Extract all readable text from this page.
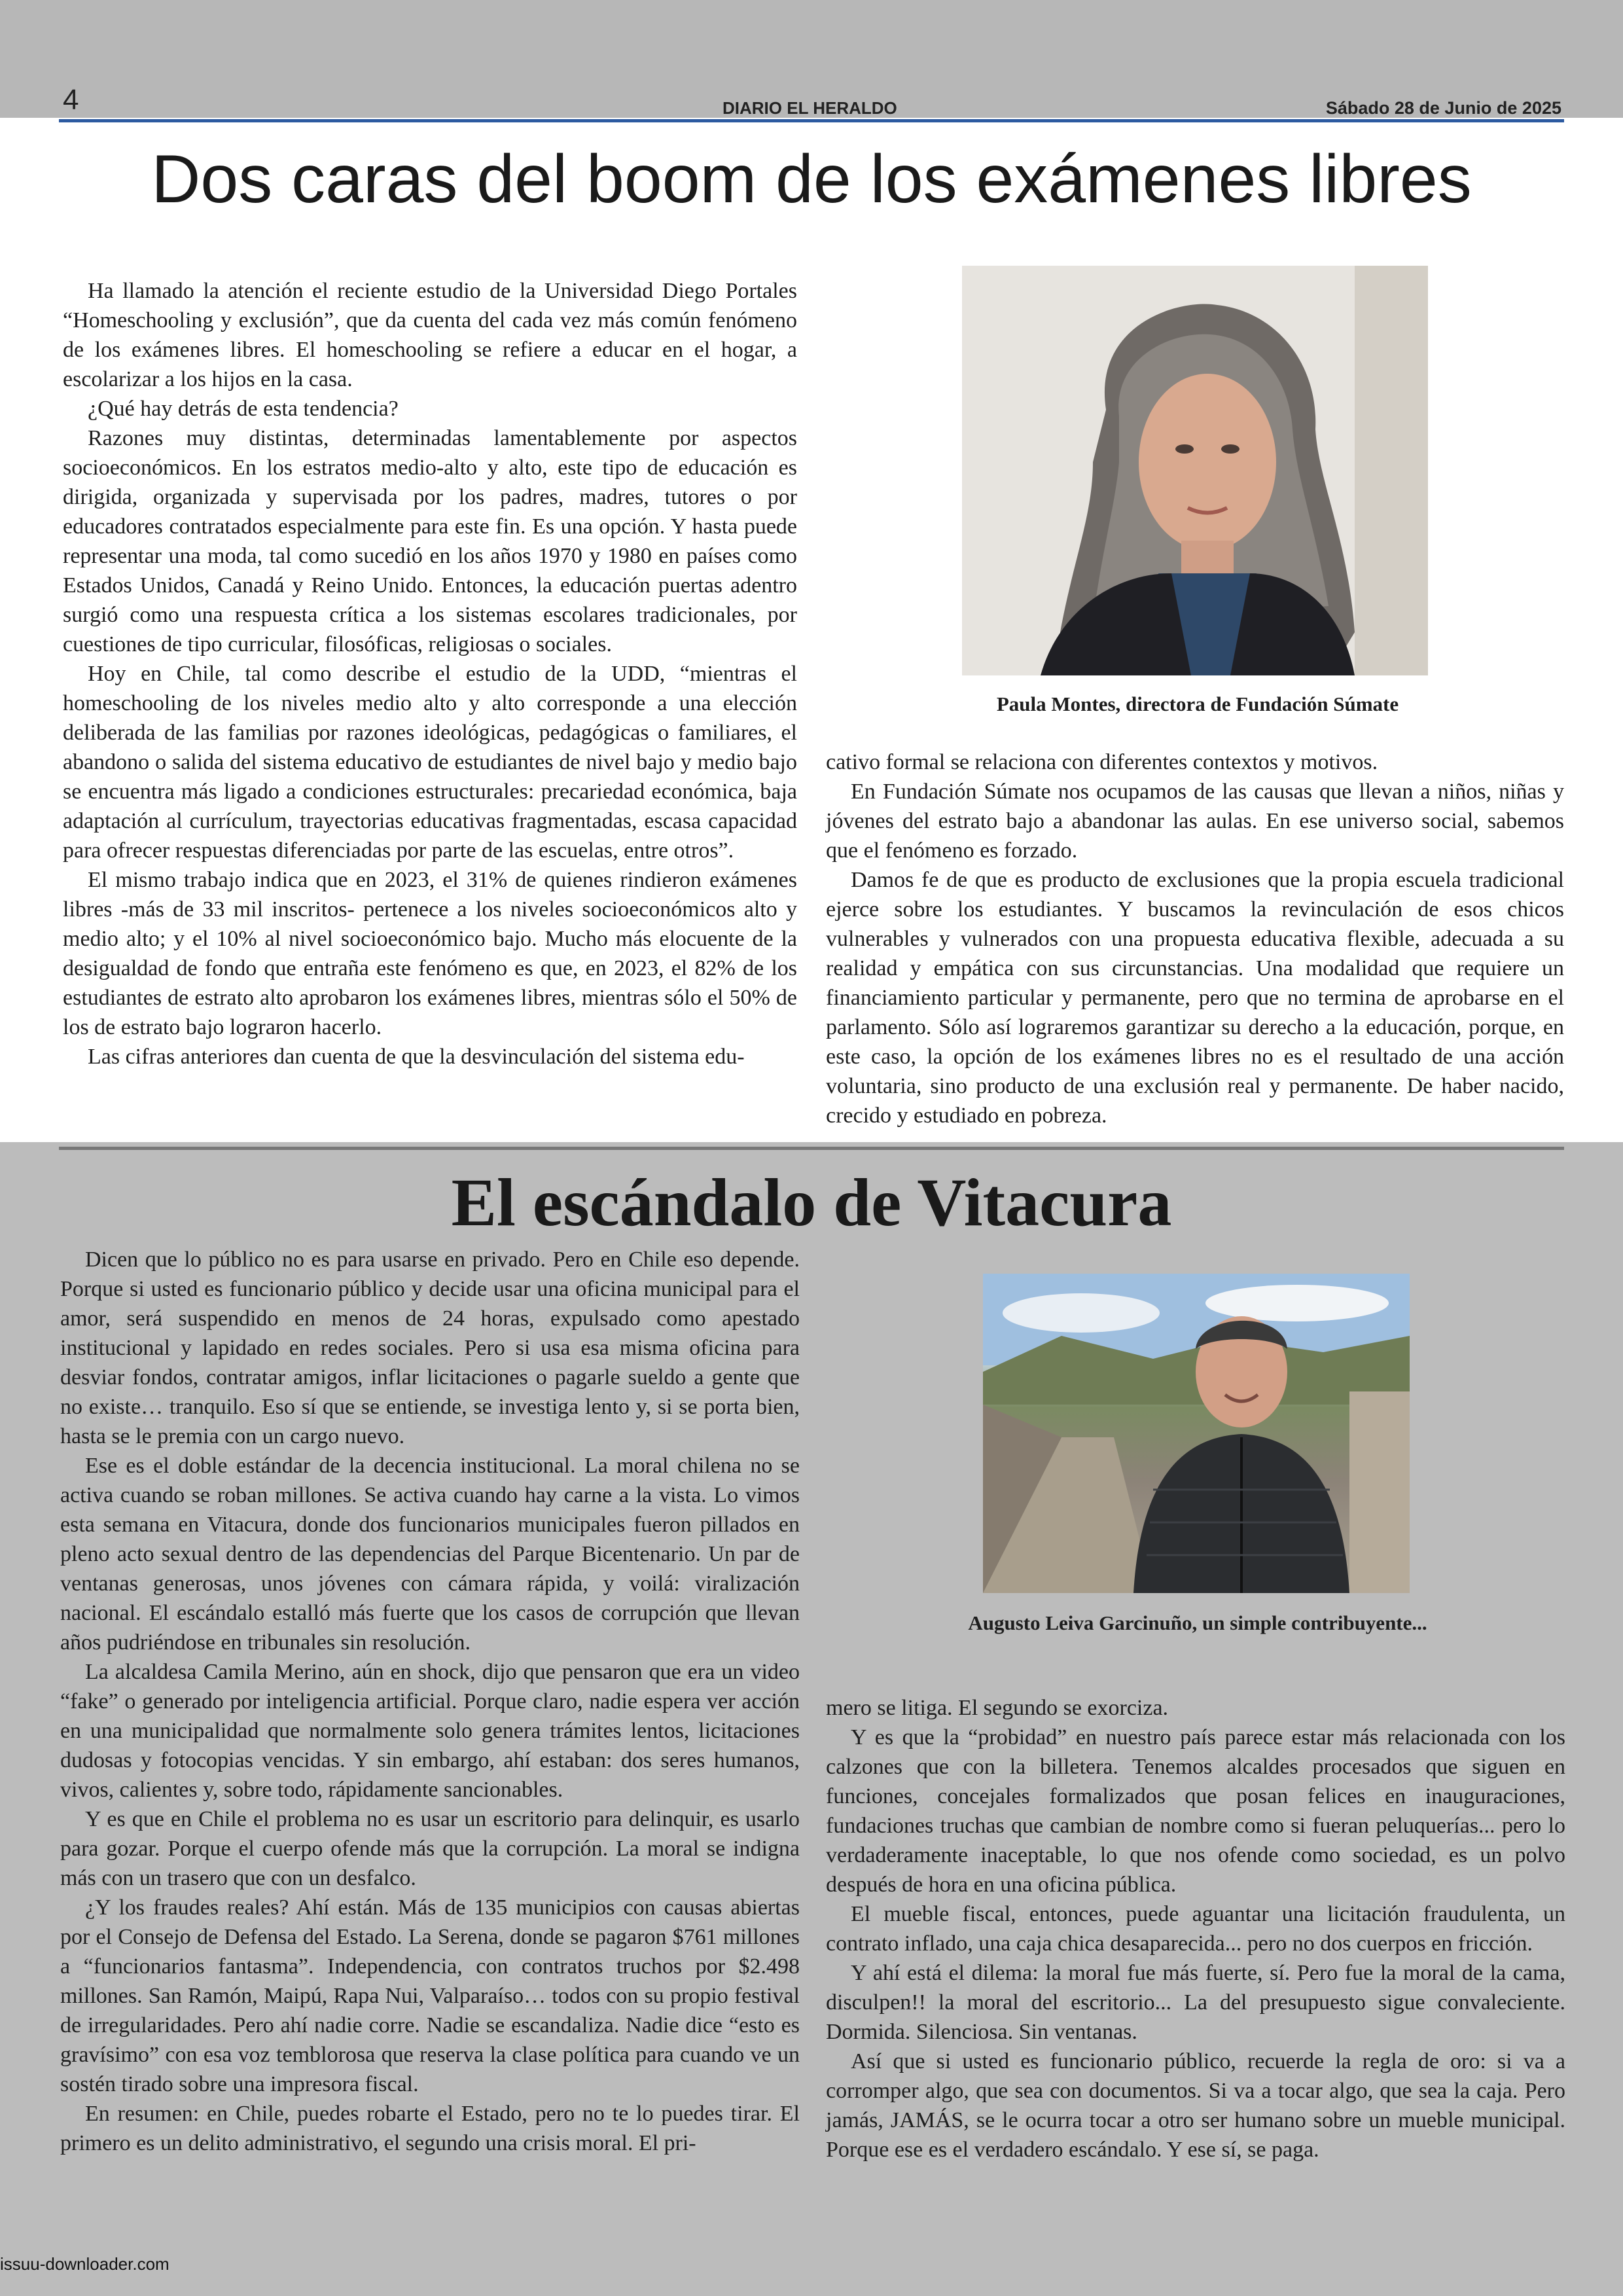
4	DIARIO EL HERALDO	Sábado 28 de Junio de 2025
Dos caras del boom de los exámenes libres

Ha llamado la atención el reciente estudio de la Universidad Diego Portales “Homeschooling y exclusión”, que da cuenta del cada vez más común fenómeno de los exámenes libres. El homeschooling se refiere a educar en el hogar, a escolarizar a los hijos en la casa.

¿Qué hay detrás de esta tendencia?

Razones muy distintas, determinadas lamentablemente por aspectos socioeconómicos. En los estratos medio-alto y alto, este tipo de educación es dirigida, organizada y supervisada por los padres, madres, tutores o por educadores contratados especialmente para este fin. Es una opción. Y hasta puede representar una moda, tal como sucedió en los años 1970 y 1980 en países como Estados Unidos, Canadá y Reino Unido. Entonces, la educación puertas adentro surgió como una respuesta crítica a los sistemas escolares tradicionales, por cuestiones de tipo curricular, filosóficas, religiosas o sociales.

Hoy en Chile, tal como describe el estudio de la UDD, “mientras el homeschooling de los niveles medio alto y alto corresponde a una elección deliberada de las familias por razones ideológicas, pedagógicas o familiares, el abandono o salida del sistema educativo de estudiantes de nivel bajo y medio bajo se encuentra más ligado a condiciones estructurales: precariedad económica, baja adaptación al currículum, trayectorias educativas fragmentadas, escasa capacidad para ofrecer respuestas diferenciadas por parte de las escuelas, entre otros”.

El mismo trabajo indica que en 2023, el 31% de quienes rindieron exámenes libres -más de 33 mil inscritos- pertenece a los niveles socioeconómicos alto y medio alto; y el 10% al nivel socioeconómico bajo. Mucho más elocuente de la desigualdad de fondo que entraña este fenómeno es que, en 2023, el 82% de los estudiantes de estrato alto aprobaron los exámenes libres, mientras sólo el 50% de los de estrato bajo lograron hacerlo.

Las cifras anteriores dan cuenta de que la desvinculación del sistema edu-

Paula Montes, directora de Fundación Súmate

cativo formal se relaciona con diferentes contextos y motivos.

En Fundación Súmate nos ocupamos de las causas que llevan a niños, niñas y jóvenes del estrato bajo a abandonar las aulas. En ese universo social, sabemos que el fenómeno es forzado.

Damos fe de que es producto de exclusiones que la propia escuela tradicional ejerce sobre los estudiantes. Y buscamos la revinculación de esos chicos vulnerables y vulnerados con una propuesta educativa flexible, adecuada a su realidad y empática con sus circunstancias. Una modalidad que requiere un financiamiento particular y permanente, pero que no termina de aprobarse en el parlamento. Sólo así lograremos garantizar su derecho a la educación, porque, en este caso, la opción de los exámenes libres no es el resultado de una acción voluntaria, sino producto de una exclusión real y permanente. De haber nacido, crecido y estudiado en pobreza.

El escándalo de Vitacura

Dicen que lo público no es para usarse en privado. Pero en Chile eso depende. Porque si usted es funcionario público y decide usar una oficina municipal para el amor, será suspendido en menos de 24 horas, expulsado como apestado institucional y lapidado en redes sociales. Pero si usa esa misma oficina para desviar fondos, contratar amigos, inflar licitaciones o pagarle sueldo a gente que no existe… tranquilo. Eso sí que se entiende, se investiga lento y, si se porta bien, hasta se le premia con un cargo nuevo.

Ese es el doble estándar de la decencia institucional. La moral chilena no se activa cuando se roban millones. Se activa cuando hay carne a la vista. Lo vimos esta semana en Vitacura, donde dos funcionarios municipales fueron pillados en pleno acto sexual dentro de las dependencias del Parque Bicentenario. Un par de ventanas generosas, unos jóvenes con cámara rápida, y voilá: viralización nacional. El escándalo estalló más fuerte que los casos de corrupción que llevan años pudriéndose en tribunales sin resolución.

La alcaldesa Camila Merino, aún en shock, dijo que pensaron que era un video “fake” o generado por inteligencia artificial. Porque claro, nadie espera ver acción en una municipalidad que normalmente solo genera trámites lentos, licitaciones dudosas y fotocopias vencidas. Y sin embargo, ahí estaban: dos seres humanos, vivos, calientes y, sobre todo, rápidamente sancionables.

Y es que en Chile el problema no es usar un escritorio para delinquir, es usarlo para gozar. Porque el cuerpo ofende más que la corrupción. La moral se indigna más con un trasero que con un desfalco.

¿Y los fraudes reales? Ahí están. Más de 135 municipios con causas abiertas por el Consejo de Defensa del Estado. La Serena, donde se pagaron $761 millones a “funcionarios fantasma”. Independencia, con contratos truchos por $2.498 millones. San Ramón, Maipú, Rapa Nui, Valparaíso… todos con su propio festival de irregularidades. Pero ahí nadie corre. Nadie se escandaliza. Nadie dice “esto es gravísimo” con esa voz temblorosa que reserva la clase política para cuando ve un sostén tirado sobre una impresora fiscal.

En resumen: en Chile, puedes robarte el Estado, pero no te lo puedes tirar. El primero es un delito administrativo, el segundo una crisis moral. El pri-

Augusto Leiva Garcinuño, un simple contribuyente...

mero se litiga. El segundo se exorciza.

Y es que la “probidad” en nuestro país parece estar más relacionada con los calzones que con la billetera. Tenemos alcaldes procesados que siguen en funciones, concejales formalizados que posan felices en inauguraciones, fundaciones truchas que cambian de nombre como si fueran peluquerías... pero lo verdaderamente inaceptable, lo que nos ofende como sociedad, es un polvo después de hora en una oficina pública.

El mueble fiscal, entonces, puede aguantar una licitación fraudulenta, un contrato inflado, una caja chica desaparecida... pero no dos cuerpos en fricción.

Y ahí está el dilema: la moral fue más fuerte, sí. Pero fue la moral de la cama, disculpen!! la moral del escritorio... La del presupuesto sigue convaleciente. Dormida. Silenciosa. Sin ventanas.

Así que si usted es funcionario público, recuerde la regla de oro: si va a corromper algo, que sea con documentos. Si va a tocar algo, que sea la caja. Pero jamás, JAMÁS, se le ocurra tocar a otro ser humano sobre un mueble municipal. Porque ese es el verdadero escándalo. Y ese sí, se paga.

issuu-downloader.com
